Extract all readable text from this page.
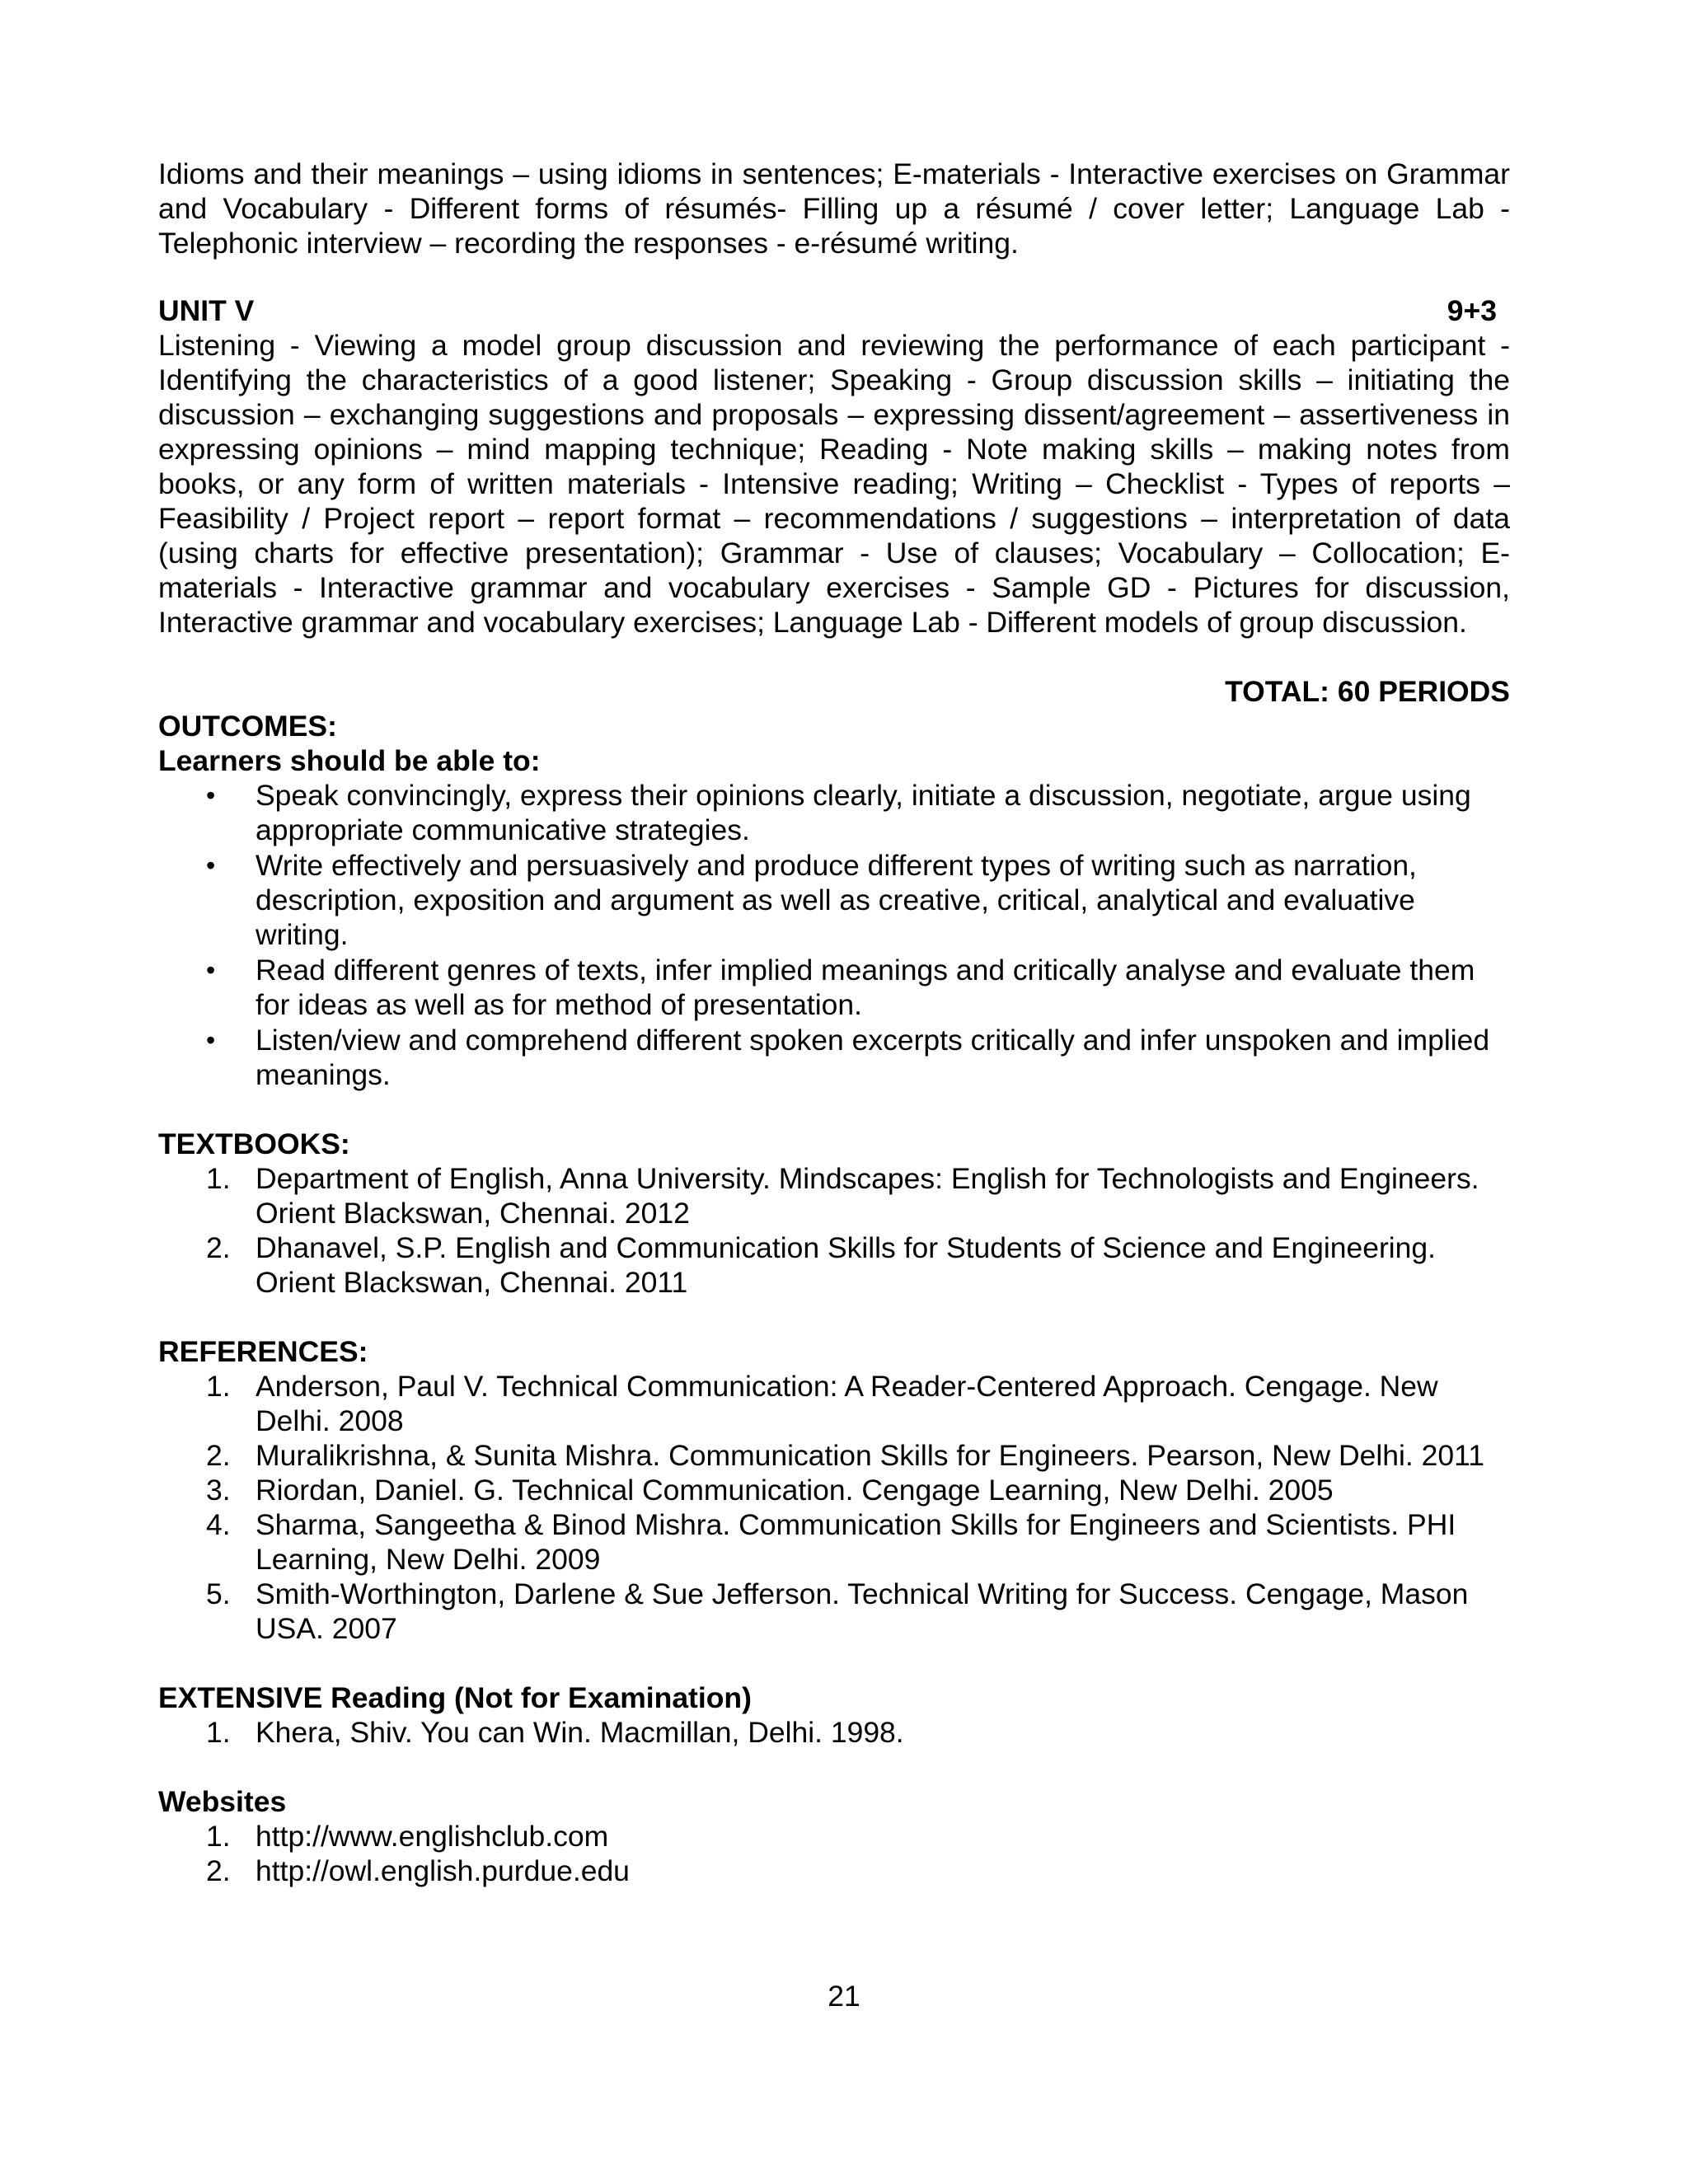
Idioms and their meanings – using idioms in sentences; E-materials - Interactive exercises on Grammar and Vocabulary - Different forms of résumés- Filling up a résumé / cover letter; Language Lab - Telephonic interview – recording the responses - e-résumé writing.

UNIT V	9+3

Listening - Viewing a model group discussion and reviewing the performance of each participant - Identifying the characteristics of a good listener; Speaking - Group discussion skills – initiating the discussion – exchanging suggestions and proposals – expressing dissent/agreement – assertiveness in expressing opinions – mind mapping technique; Reading - Note making skills – making notes from books, or any form of written materials - Intensive reading; Writing – Checklist - Types of reports – Feasibility / Project report – report format – recommendations / suggestions – interpretation of data (using charts for effective presentation); Grammar - Use of clauses; Vocabulary – Collocation; E-materials - Interactive grammar and vocabulary exercises - Sample GD - Pictures for discussion, Interactive grammar and vocabulary exercises; Language Lab - Different models of group discussion.

TOTAL: 60 PERIODS

OUTCOMES:

Learners should be able to:

• Speak convincingly, express their opinions clearly, initiate a discussion, negotiate, argue using appropriate communicative strategies.
• Write effectively and persuasively and produce different types of writing such as narration, description, exposition and argument as well as creative, critical, analytical and evaluative writing.
• Read different genres of texts, infer implied meanings and critically analyse and evaluate them for ideas as well as for method of presentation.
• Listen/view and comprehend different spoken excerpts critically and infer unspoken and implied meanings.

TEXTBOOKS:

1. Department of English, Anna University. Mindscapes: English for Technologists and Engineers. Orient Blackswan, Chennai. 2012
2. Dhanavel, S.P. English and Communication Skills for Students of Science and Engineering. Orient Blackswan, Chennai. 2011

REFERENCES:

1. Anderson, Paul V. Technical Communication: A Reader-Centered Approach. Cengage. New Delhi. 2008
2. Muralikrishna, & Sunita Mishra. Communication Skills for Engineers. Pearson, New Delhi. 2011
3. Riordan, Daniel. G. Technical Communication. Cengage Learning, New Delhi. 2005
4. Sharma, Sangeetha & Binod Mishra. Communication Skills for Engineers and Scientists. PHI Learning, New Delhi. 2009
5. Smith-Worthington, Darlene & Sue Jefferson. Technical Writing for Success. Cengage, Mason USA. 2007

EXTENSIVE Reading (Not for Examination)

1. Khera, Shiv. You can Win. Macmillan, Delhi. 1998.

Websites

1. http://www.englishclub.com
2. http://owl.english.purdue.edu
21
